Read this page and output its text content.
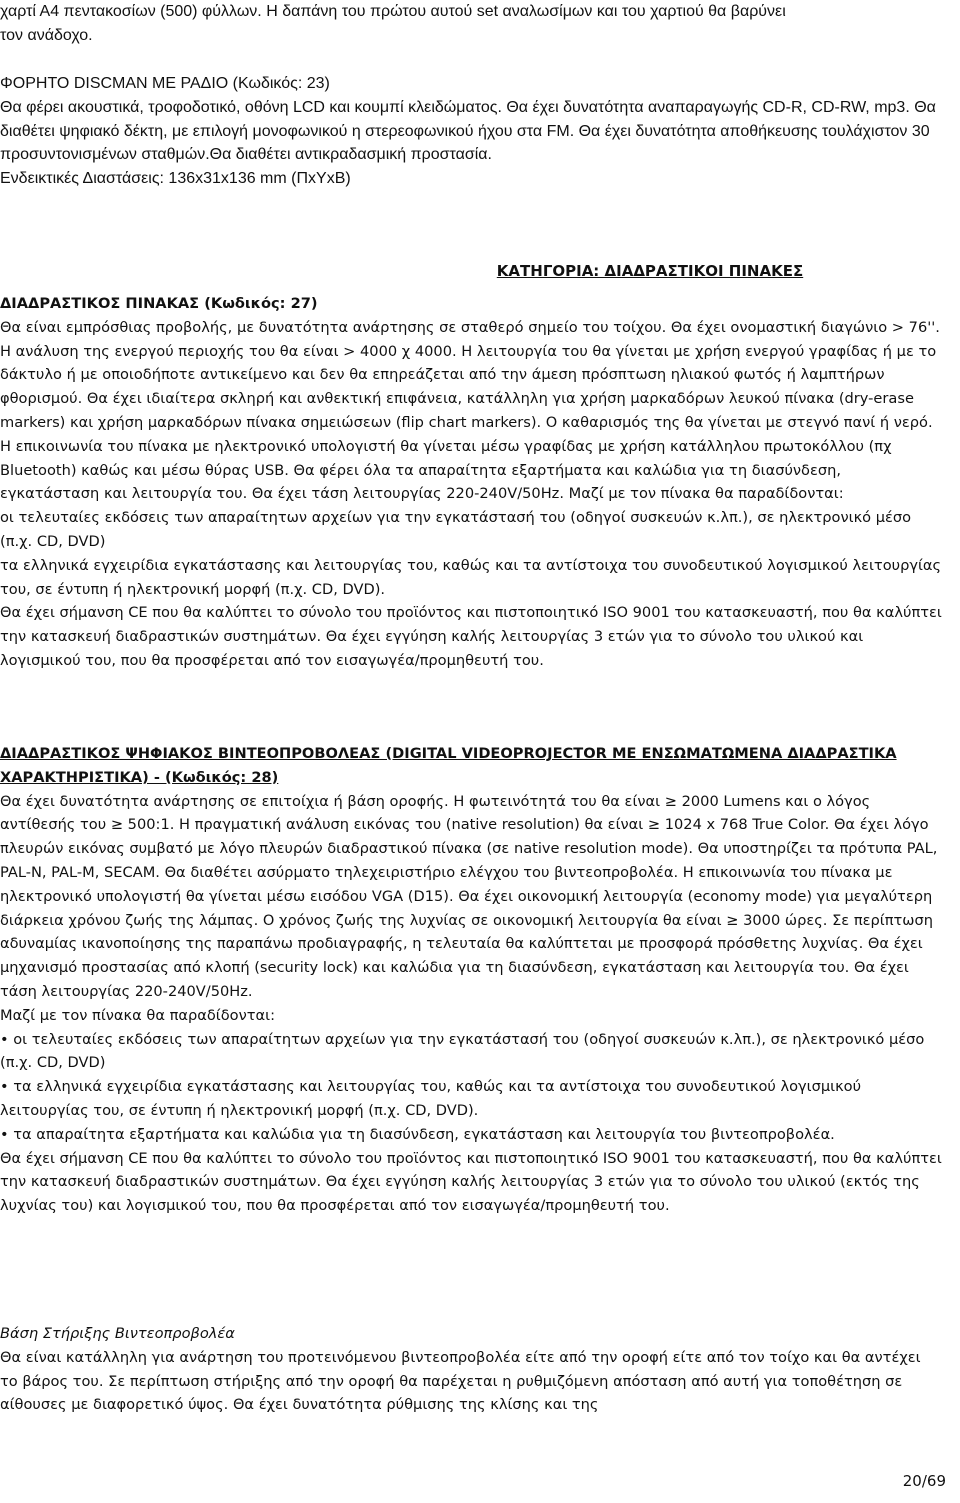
χαρτί Α4 πεντακοσίων (500) φύλλων. Η δαπάνη του πρώτου αυτού set αναλωσίμων και του χαρτιού θα βαρύνει

τον ανάδοχο.

ΦΟΡΗΤΟ DISCMAN ΜΕ ΡΑΔΙΟ (Κωδικός: 23)

Θα φέρει ακουστικά, τροφοδοτικό, οθόνη LCD και κουμπί κλειδώματος. Θα έχει δυνατότητα αναπαραγωγής CD-R, CD-RW, mp3. Θα διαθέτει ψηφιακό δέκτη, με επιλογή μονοφωνικού η στερεοφωνικού ήχου στα FM. Θα έχει δυνατότητα αποθήκευσης τουλάχιστον 30 προσυντονισμένων σταθμών.Θα διαθέτει αντικραδασμική προστασία.

Ενδεικτικές Διαστάσεις: 136x31x136 mm (ΠxΥxΒ)

ΚΑΤΗΓΟΡΙΑ: ΔΙΑΔΡΑΣΤΙΚΟΙ ΠΙΝΑΚΕΣ

ΔΙΑΔΡΑΣΤΙΚΟΣ ΠΙΝΑΚΑΣ (Κωδικός: 27)

Θα είναι εμπρόσθιας προβολής, με δυνατότητα ανάρτησης σε σταθερό σημείο του τοίχου. Θα έχει ονομαστική διαγώνιο > 76''. Η ανάλυση της ενεργού περιοχής του θα είναι > 4000 χ 4000. Η λειτουργία του θα γίνεται με χρήση ενεργού γραφίδας ή με το δάκτυλο ή με οποιοδήποτε αντικείμενο και δεν θα επηρεάζεται από την άμεση πρόσπτωση ηλιακού φωτός ή λαμπτήρων φθορισμού. Θα έχει ιδιαίτερα σκληρή και ανθεκτική επιφάνεια, κατάλληλη για χρήση μαρκαδόρων λευκού πίνακα (dry-erase markers) και χρήση μαρκαδόρων πίνακα σημειώσεων (flip chart markers). Ο καθαρισμός της θα γίνεται με στεγνό πανί ή νερό. Η επικοινωνία του πίνακα με ηλεκτρονικό υπολογιστή θα γίνεται μέσω γραφίδας με χρήση κατάλληλου πρωτοκόλλου (πχ Bluetooth) καθώς και μέσω θύρας USB. Θα φέρει όλα τα απαραίτητα εξαρτήματα και καλώδια για τη διασύνδεση, εγκατάσταση και λειτουργία του. Θα έχει τάση λειτουργίας 220-240V/50Hz. Μαζί με τον πίνακα θα παραδίδονται:

οι τελευταίες εκδόσεις των απαραίτητων αρχείων για την εγκατάστασή του (οδηγοί συσκευών κ.λπ.), σε ηλεκτρονικό μέσο (π.χ. CD, DVD)

τα ελληνικά εγχειρίδια εγκατάστασης και λειτουργίας του, καθώς και τα αντίστοιχα του συνοδευτικού λογισμικού λειτουργίας του, σε έντυπη ή ηλεκτρονική μορφή (π.χ. CD, DVD).

Θα έχει σήμανση CE που θα καλύπτει το σύνολο του προϊόντος και πιστοποιητικό ISO 9001 του κατασκευαστή, που θα καλύπτει την κατασκευή διαδραστικών συστημάτων. Θα έχει εγγύηση καλής λειτουργίας 3 ετών για το σύνολο του υλικού και λογισμικού του, που θα προσφέρεται από τον εισαγωγέα/προμηθευτή του.

ΔΙΑΔΡΑΣΤΙΚΟΣ ΨΗΦΙΑΚΟΣ ΒΙΝΤΕΟΠΡΟΒΟΛΕΑΣ (DIGITAL VIDEOPROJECTOR ΜΕ ΕΝΣΩΜΑΤΩΜΕΝΑ ΔΙΑΔΡΑΣΤΙΚΑ ΧΑΡΑΚΤΗΡΙΣΤΙΚΑ) - (Κωδικός: 28)

Θα έχει δυνατότητα ανάρτησης σε επιτοίχια ή βάση οροφής. Η φωτεινότητά του θα είναι ≥ 2000 Lumens και ο λόγος αντίθεσής του ≥ 500:1. Η πραγματική ανάλυση εικόνας του (native resolution) θα είναι ≥ 1024 x 768 True Color. Θα έχει λόγο πλευρών εικόνας συμβατό με λόγο πλευρών διαδραστικού πίνακα (σε native resolution mode). Θα υποστηρίζει τα πρότυπα PAL, PAL-N, PAL-M, SECAM. Θα διαθέτει ασύρματο τηλεχειριστήριο ελέγχου του βιντεοπροβολέα. Η επικοινωνία του πίνακα με ηλεκτρονικό υπολογιστή θα γίνεται μέσω εισόδου VGA (D15). Θα έχει οικονομική λειτουργία (economy mode) για μεγαλύτερη διάρκεια χρόνου ζωής της λάμπας. Ο χρόνος ζωής της λυχνίας σε οικονομική λειτουργία θα είναι ≥ 3000 ώρες. Σε περίπτωση αδυναμίας ικανοποίησης της παραπάνω προδιαγραφής, η τελευταία θα καλύπτεται με προσφορά πρόσθετης λυχνίας. Θα έχει μηχανισμό προστασίας από κλοπή (security lock) και καλώδια για τη διασύνδεση, εγκατάσταση και λειτουργία του. Θα έχει τάση λειτουργίας 220-240V/50Hz.

Μαζί με τον πίνακα θα παραδίδονται:

• οι τελευταίες εκδόσεις των απαραίτητων αρχείων για την εγκατάστασή του (οδηγοί συσκευών κ.λπ.), σε ηλεκτρονικό μέσο (π.χ. CD, DVD)

• τα ελληνικά εγχειρίδια εγκατάστασης και λειτουργίας του, καθώς και τα αντίστοιχα του συνοδευτικού λογισμικού λειτουργίας του, σε έντυπη ή ηλεκτρονική μορφή (π.χ. CD, DVD).

• τα απαραίτητα εξαρτήματα και καλώδια για τη διασύνδεση, εγκατάσταση και λειτουργία του βιντεοπροβολέα.

Θα έχει σήμανση CE που θα καλύπτει το σύνολο του προϊόντος και πιστοποιητικό ISO 9001 του κατασκευαστή, που θα καλύπτει την κατασκευή διαδραστικών συστημάτων. Θα έχει εγγύηση καλής λειτουργίας 3 ετών για το σύνολο του υλικού (εκτός της λυχνίας του) και λογισμικού του, που θα προσφέρεται από τον εισαγωγέα/προμηθευτή του.

Βάση Στήριξης Βιντεοπροβολέα

Θα είναι κατάλληλη για ανάρτηση του προτεινόμενου βιντεοπροβολέα είτε από την οροφή είτε από τον τοίχο και θα αντέχει το βάρος του. Σε περίπτωση στήριξης από την οροφή θα παρέχεται η ρυθμιζόμενη απόσταση από αυτή για τοποθέτηση σε αίθουσες με διαφορετικό ύψος. Θα έχει δυνατότητα ρύθμισης της κλίσης και της

20/69
